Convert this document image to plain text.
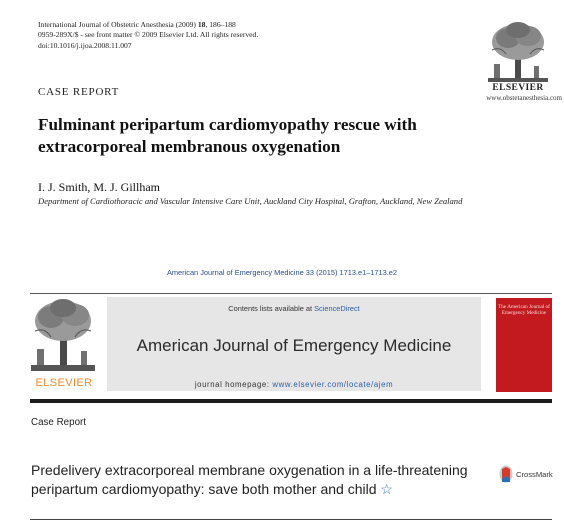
International Journal of Obstetric Anesthesia (2009) 18, 186–188
0959-289X/$ - see front matter © 2009 Elsevier Ltd. All rights reserved.
doi:10.1016/j.ijoa.2008.11.007
ELSEVIER
www.obstetanesthesia.com
CASE REPORT
Fulminant peripartum cardiomyopathy rescue with extracorporeal membranous oxygenation
I. J. Smith, M. J. Gillham
Department of Cardiothoracic and Vascular Intensive Care Unit, Auckland City Hospital, Grafton, Auckland, New Zealand
American Journal of Emergency Medicine 33 (2015) 1713.e1–1713.e2
ELSEVIER
Contents lists available at ScienceDirect
American Journal of Emergency Medicine
journal homepage: www.elsevier.com/locate/ajem
The American Journal of Emergency Medicine
Case Report
Predelivery extracorporeal membrane oxygenation in a life-threatening peripartum cardiomyopathy: save both mother and child ☆
CrossMark
